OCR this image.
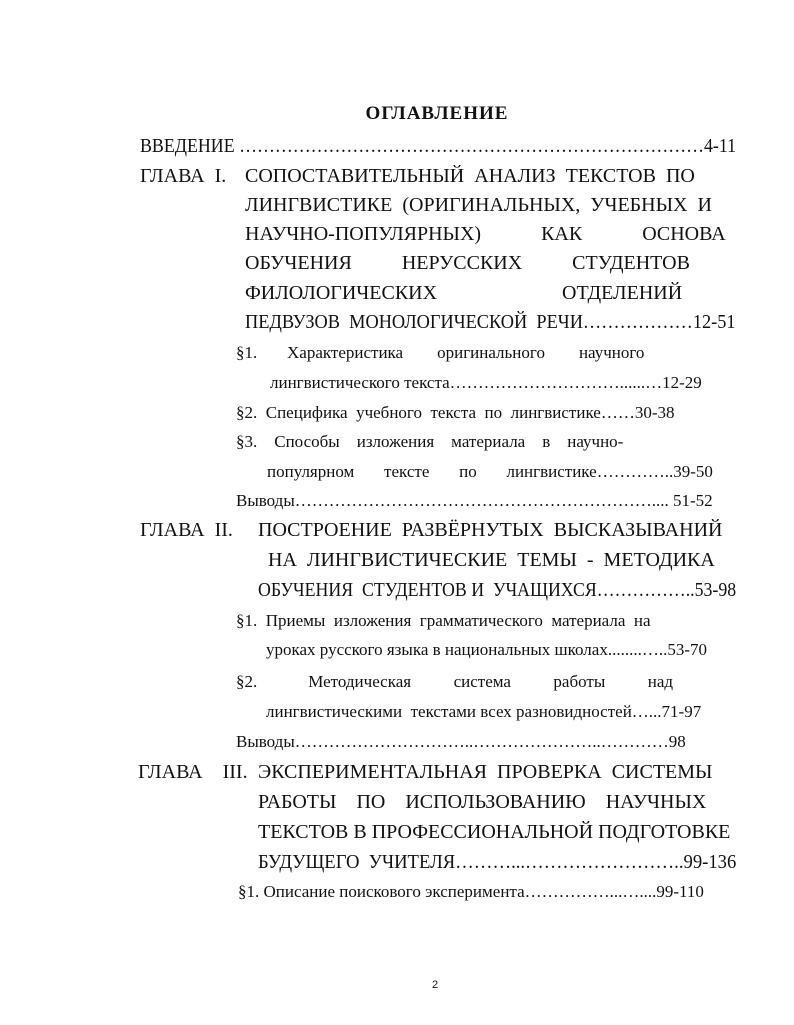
ОГЛАВЛЕНИЕ
ВВЕДЕНИЕ ……………………………………………………………………4-11
ГЛАВА  I. СОПОСТАВИТЕЛЬНЫЙ  АНАЛИЗ  ТЕКСТОВ  ПО
ЛИНГВИСТИКЕ  (ОРИГИНАЛЬНЫХ,  УЧЕБНЫХ  И
НАУЧНО-ПОПУЛЯРНЫХ)            КАК            ОСНОВА
ОБУЧЕНИЯ          НЕРУССКИХ          СТУДЕНТОВ
ФИЛОЛОГИЧЕСКИХ                         ОТДЕЛЕНИЙ
ПЕДВУЗОВ  МОНОЛОГИЧЕСКОЙ  РЕЧИ………………12-51
§1.       Характеристика        оригинального        научного
лингвистического текста…………………………......…12-29
§2.  Специфика  учебного  текста  по  лингвистике……30-38
§3.    Способы    изложения    материала    в    научно-
популярном       тексте       по       лингвистике…………..39-50
Выводы……………………………………………………….... 51-52
ГЛАВА  II. ПОСТРОЕНИЕ  РАЗВЁРНУТЫХ  ВЫСКАЗЫВАНИЙ
НА  ЛИНГВИСТИЧЕСКИЕ  ТЕМЫ  -  МЕТОДИКА
ОБУЧЕНИЯ  СТУДЕНТОВ И  УЧАЩИХСЯ……………..53-98
§1.  Приемы  изложения  грамматического  материала  на
уроках русского языка в национальных школах........…..53-70
§2.            Методическая          система          работы          над
лингвистическими  текстами всех разновидностей…...71-97
Выводы…………………………..…………………..…………98
ГЛАВА    III. ЭКСПЕРИМЕНТАЛЬНАЯ  ПРОВЕРКА  СИСТЕМЫ
РАБОТЫ    ПО    ИСПОЛЬЗОВАНИЮ    НАУЧНЫХ
ТЕКСТОВ В ПРОФЕССИОНАЛЬНОЙ ПОДГОТОВКЕ
БУДУЩЕГО  УЧИТЕЛЯ………...……………………..99-136
§1. Описание поискового эксперимента……………...…....99-110
2
